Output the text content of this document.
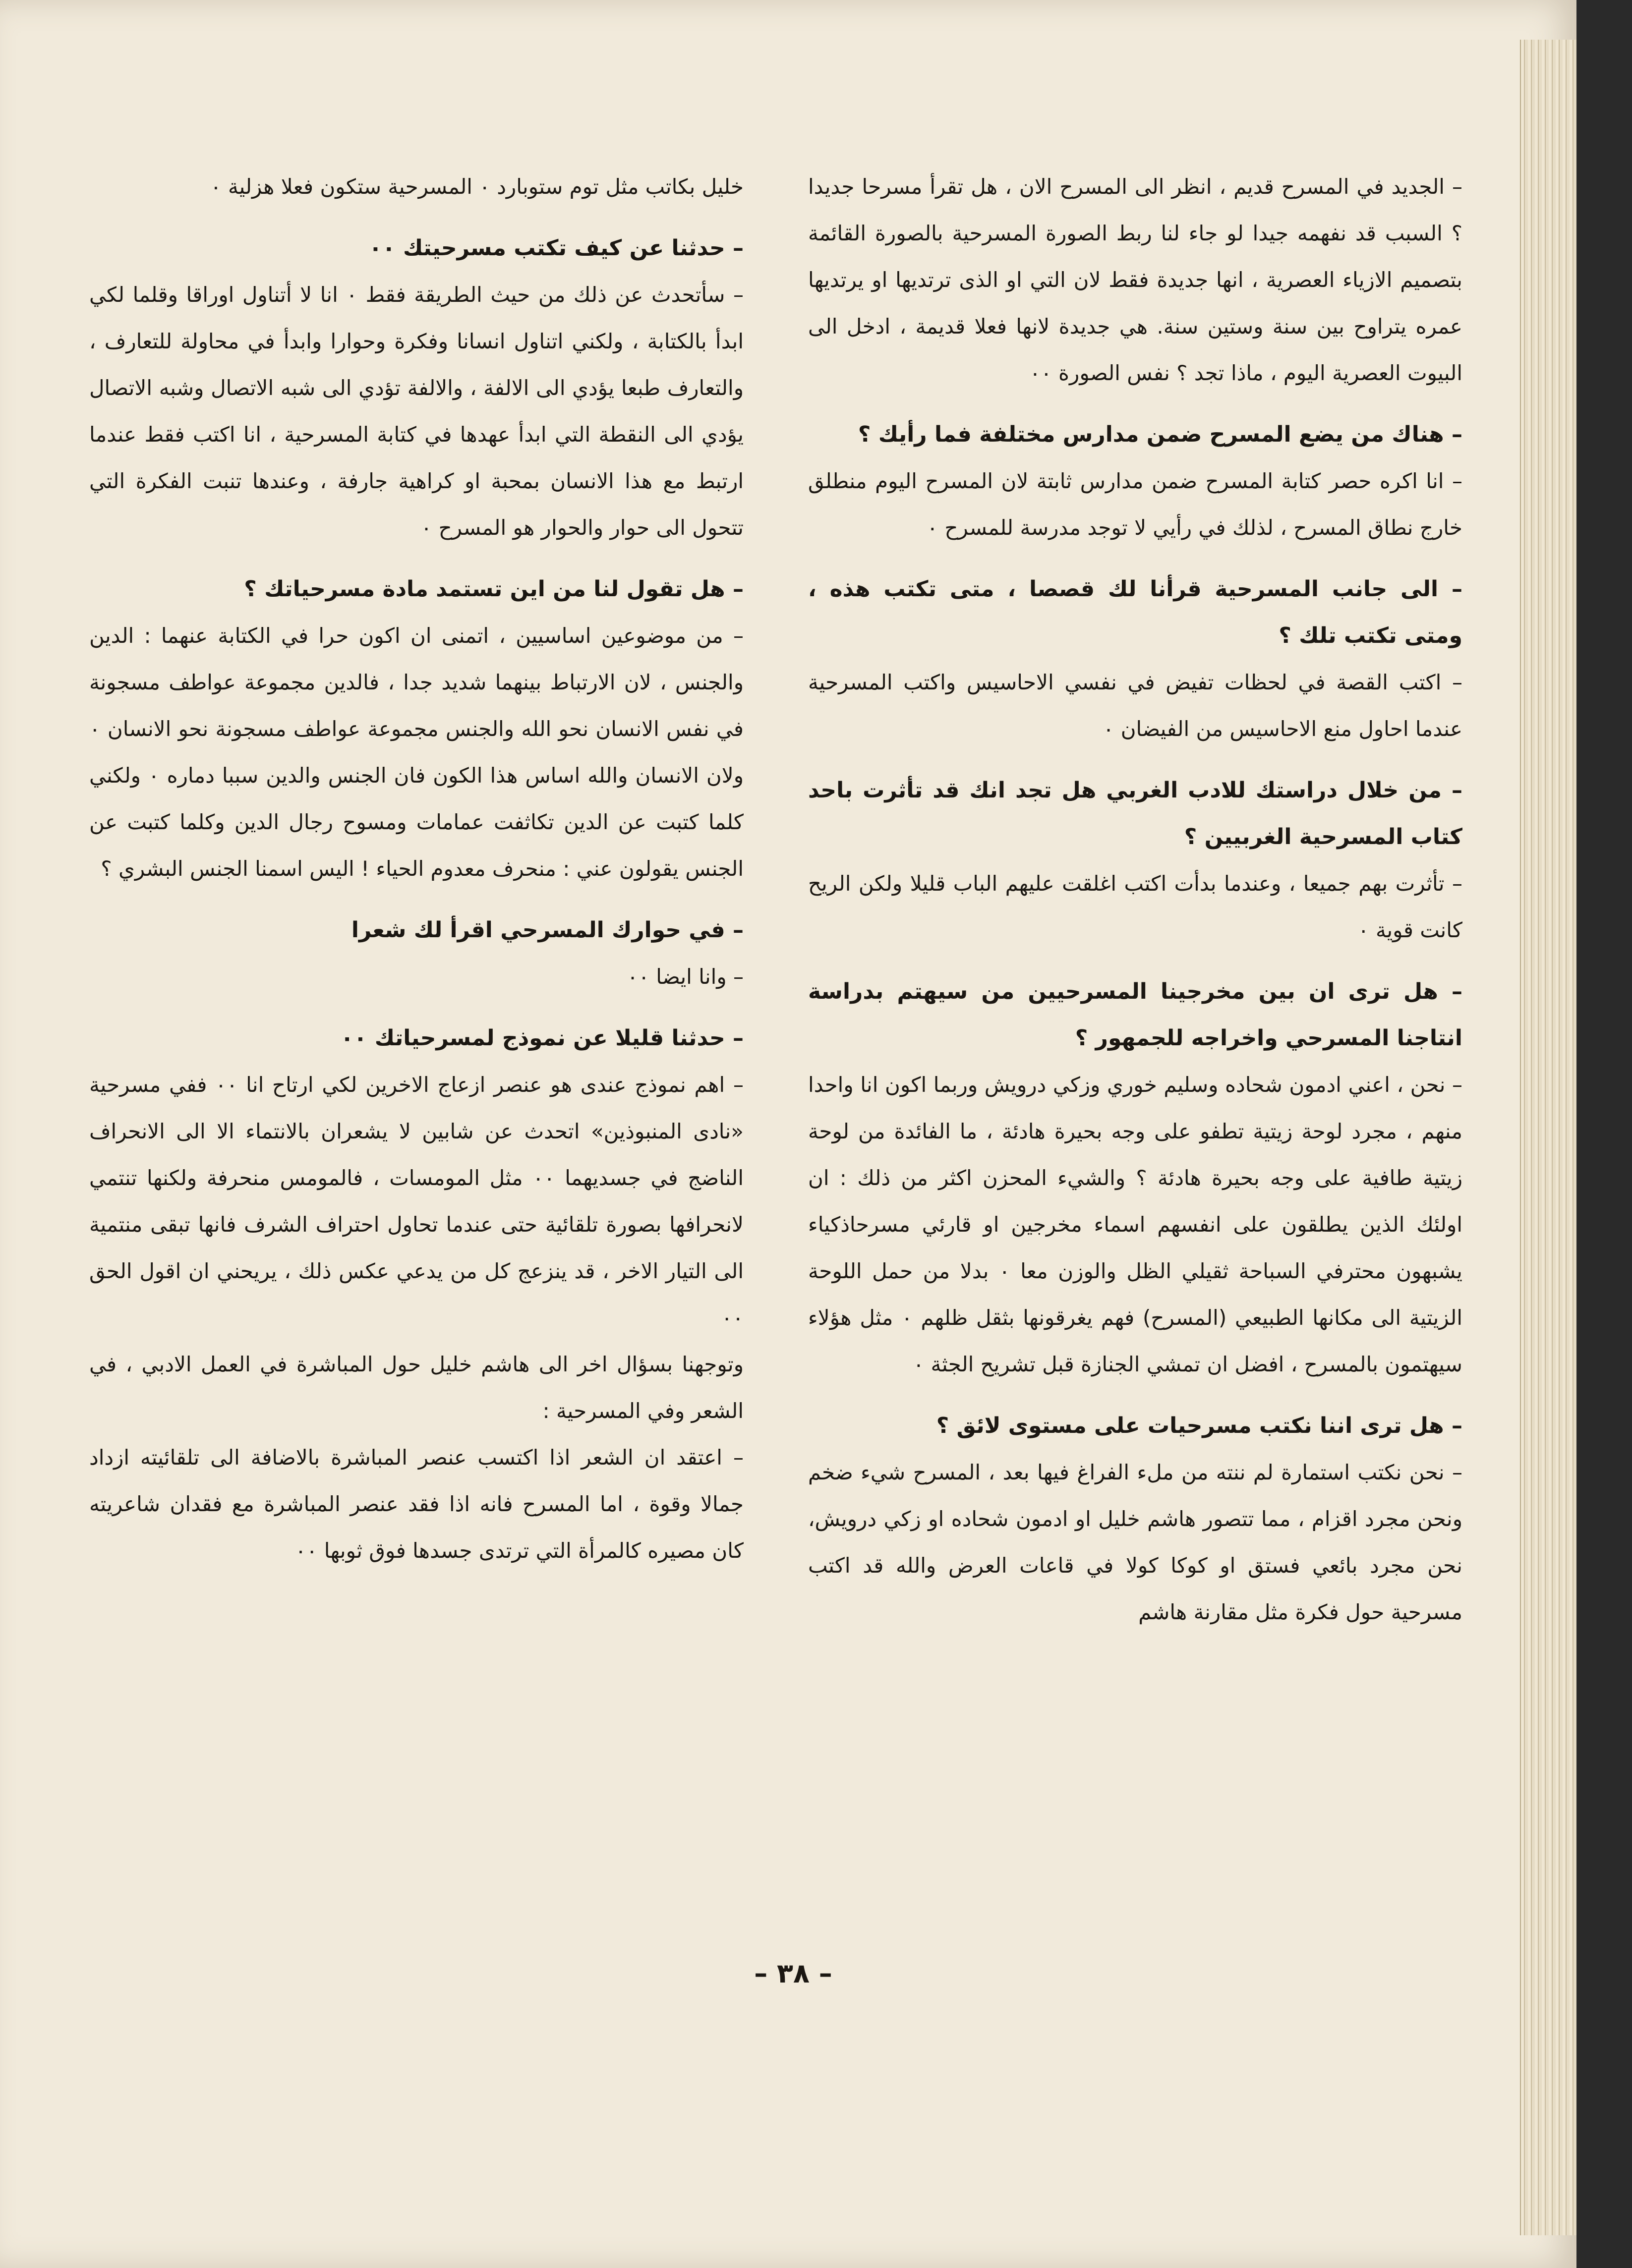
– الجديد في المسرح قديم ، انظر الى المسرح الان ، هل تقرأ مسرحا جديدا ؟ السبب قد نفهمه جيدا لو جاء لنا ربط الصورة المسرحية بالصورة القائمة بتصميم الازياء العصرية ، انها جديدة فقط لان التي او الذى ترتديها او يرتديها عمره يتراوح بين سنة وستين سنة. هي جديدة لانها فعلا قديمة ، ادخل الى البيوت العصرية اليوم ، ماذا تجد ؟ نفس الصورة ٠٠

– هناك من يضع المسرح ضمن مدارس مختلفة فما رأيك ؟

– انا اكره حصر كتابة المسرح ضمن مدارس ثابتة لان المسرح اليوم منطلق خارج نطاق المسرح ، لذلك في رأيي لا توجد مدرسة للمسرح ٠

– الى جانب المسرحية قرأنا لك قصصا ، متى تكتب هذه ، ومتى تكتب تلك ؟

– اكتب القصة في لحظات تفيض في نفسي الاحاسيس واكتب المسرحية عندما احاول منع الاحاسيس من الفيضان ٠

– من خلال دراستك للادب الغربي هل تجد انك قد تأثرت باحد كتاب المسرحية الغربيين ؟

– تأثرت بهم جميعا ، وعندما بدأت اكتب اغلقت عليهم الباب قليلا ولكن الريح كانت قوية ٠

– هل ترى ان بين مخرجينا المسرحيين من سيهتم بدراسة انتاجنا المسرحي واخراجه للجمهور ؟

– نحن ، اعني ادمون شحاده وسليم خوري وزكي درويش وربما اكون انا واحدا منهم ، مجرد لوحة زيتية تطفو على وجه بحيرة هادئة ، ما الفائدة من لوحة زيتية طافية على وجه بحيرة هادئة ؟ والشيء المحزن اكثر من ذلك : ان اولئك الذين يطلقون على انفسهم اسماء مخرجين او قارئي مسرحاذكياء يشبهون محترفي السباحة ثقيلي الظل والوزن معا ٠ بدلا من حمل اللوحة الزيتية الى مكانها الطبيعي (المسرح) فهم يغرقونها بثقل ظلهم ٠ مثل هؤلاء سيهتمون بالمسرح ، افضل ان تمشي الجنازة قبل تشريح الجثة ٠

– هل ترى اننا نكتب مسرحيات على مستوى لائق ؟

– نحن نكتب استمارة لم ننته من ملء الفراغ فيها بعد ، المسرح شيء ضخم ونحن مجرد اقزام ، مما تتصور هاشم خليل او ادمون شحاده او زكي درويش، نحن مجرد بائعي فستق او كوكا كولا في قاعات العرض والله قد اكتب مسرحية حول فكرة مثل مقارنة هاشم

خليل بكاتب مثل توم ستوبارد ٠ المسرحية ستكون فعلا هزلية ٠

– حدثنا عن كيف تكتب مسرحيتك ٠٠

– سأتحدث عن ذلك من حيث الطريقة فقط ٠ انا لا أتناول اوراقا وقلما لكي ابدأ بالكتابة ، ولكني اتناول انسانا وفكرة وحوارا وابدأ في محاولة للتعارف ، والتعارف طبعا يؤدي الى الالفة ، والالفة تؤدي الى شبه الاتصال وشبه الاتصال يؤدي الى النقطة التي ابدأ عهدها في كتابة المسرحية ، انا اكتب فقط عندما ارتبط مع هذا الانسان بمحبة او كراهية جارفة ، وعندها تنبت الفكرة التي تتحول الى حوار والحوار هو المسرح ٠

– هل تقول لنا من اين تستمد مادة مسرحياتك ؟

– من موضوعين اساسيين ، اتمنى ان اكون حرا في الكتابة عنهما : الدين والجنس ، لان الارتباط بينهما شديد جدا ، فالدين مجموعة عواطف مسجونة في نفس الانسان نحو الله والجنس مجموعة عواطف مسجونة نحو الانسان ٠ ولان الانسان والله اساس هذا الكون فان الجنس والدين سببا دماره ٠ ولكني كلما كتبت عن الدين تكاثفت عمامات ومسوح رجال الدين وكلما كتبت عن الجنس يقولون عني : منحرف معدوم الحياء ! اليس اسمنا الجنس البشري ؟

– في حوارك المسرحي اقرأ لك شعرا

– وانا ايضا ٠٠

– حدثنا قليلا عن نموذج لمسرحياتك ٠٠

– اهم نموذج عندى هو عنصر ازعاج الاخرين لكي ارتاح انا ٠٠ ففي مسرحية «نادى المنبوذين» اتحدث عن شابين لا يشعران بالانتماء الا الى الانحراف الناضج في جسديهما ٠٠ مثل المومسات ، فالمومس منحرفة ولكنها تنتمي لانحرافها بصورة تلقائية حتى عندما تحاول احتراف الشرف فانها تبقى منتمية الى التيار الاخر ، قد ينزعج كل من يدعي عكس ذلك ، يريحني ان اقول الحق ٠٠

وتوجهنا بسؤال اخر الى هاشم خليل حول المباشرة في العمل الادبي ، في الشعر وفي المسرحية :

– اعتقد ان الشعر اذا اكتسب عنصر المباشرة بالاضافة الى تلقائيته ازداد جمالا وقوة ، اما المسرح فانه اذا فقد عنصر المباشرة مع فقدان شاعريته كان مصيره كالمرأة التي ترتدى جسدها فوق ثوبها ٠٠

– ٣٨ –
